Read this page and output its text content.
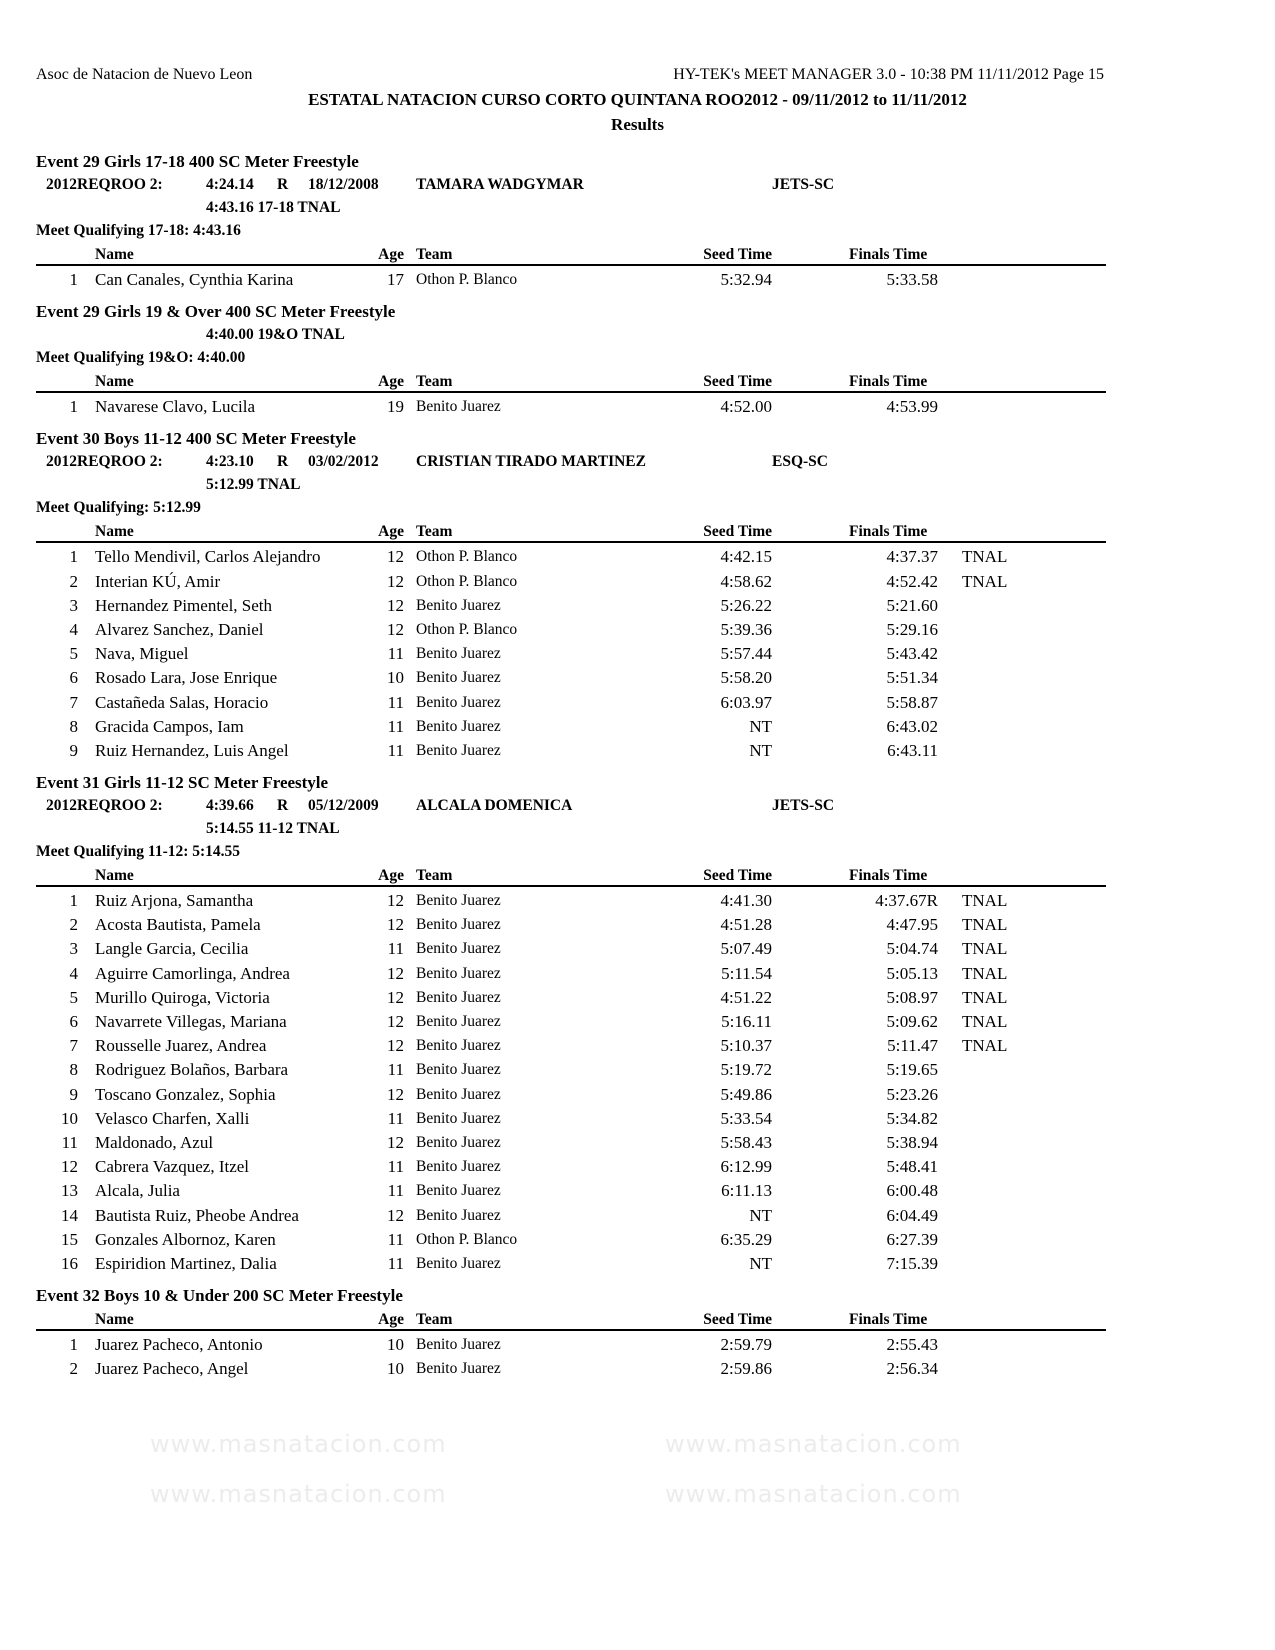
Asoc de Natacion de Nuevo Leon	HY-TEK's MEET MANAGER 3.0 - 10:38 PM 11/11/2012 Page 15
ESTATAL NATACION CURSO CORTO QUINTANA ROO2012 - 09/11/2012 to 11/11/2012
Results
www.masnatacion.com	www.masnatacion.com
www.masnatacion.com	www.masnatacion.com
Event 29 Girls 17-18 400 SC Meter Freestyle
2012REQROO 2:	4:24.14 R 18/12/2008 TAMARA WADGYMAR	JETS-SC
4:43.16 17-18 TNAL
Meet Qualifying 17-18: 4:43.16
Name	Age Team	Seed Time	Finals Time
1 Can Canales, Cynthia Karina	17 Othon P. Blanco	5:32.94	5:33.58
Event 29 Girls 19 & Over 400 SC Meter Freestyle
4:40.00 19&O TNAL
Meet Qualifying 19&O: 4:40.00
Name	Age Team	Seed Time	Finals Time
1 Navarese Clavo, Lucila	19 Benito Juarez	4:52.00	4:53.99
Event 30 Boys 11-12 400 SC Meter Freestyle
2012REQROO 2:	4:23.10 R 03/02/2012 CRISTIAN TIRADO MARTINEZ	ESQ-SC
5:12.99 TNAL
Meet Qualifying: 5:12.99
Name	Age Team	Seed Time	Finals Time
1 Tello Mendivil, Carlos Alejandro	12 Othon P. Blanco	4:42.15	4:37.37 TNAL
2 Interian KÚ, Amir	12 Othon P. Blanco	4:58.62	4:52.42 TNAL
3 Hernandez Pimentel, Seth	12 Benito Juarez	5:26.22	5:21.60
4 Alvarez Sanchez, Daniel	12 Othon P. Blanco	5:39.36	5:29.16
5 Nava, Miguel	11 Benito Juarez	5:57.44	5:43.42
6 Rosado Lara, Jose Enrique	10 Benito Juarez	5:58.20	5:51.34
7 Castañeda Salas, Horacio	11 Benito Juarez	6:03.97	5:58.87
8 Gracida Campos, Iam	11 Benito Juarez	NT	6:43.02
9 Ruiz Hernandez, Luis Angel	11 Benito Juarez	NT	6:43.11
Event 31 Girls 11-12 SC Meter Freestyle
2012REQROO 2:	4:39.66 R 05/12/2009 ALCALA DOMENICA	JETS-SC
5:14.55 11-12 TNAL
Meet Qualifying 11-12: 5:14.55
Name	Age Team	Seed Time	Finals Time
1 Ruiz Arjona, Samantha	12 Benito Juarez	4:41.30	4:37.67R TNAL
2 Acosta Bautista, Pamela	12 Benito Juarez	4:51.28	4:47.95 TNAL
3 Langle Garcia, Cecilia	11 Benito Juarez	5:07.49	5:04.74 TNAL
4 Aguirre Camorlinga, Andrea	12 Benito Juarez	5:11.54	5:05.13 TNAL
5 Murillo Quiroga, Victoria	12 Benito Juarez	4:51.22	5:08.97 TNAL
6 Navarrete Villegas, Mariana	12 Benito Juarez	5:16.11	5:09.62 TNAL
7 Rousselle Juarez, Andrea	12 Benito Juarez	5:10.37	5:11.47 TNAL
8 Rodriguez Bolaños, Barbara	11 Benito Juarez	5:19.72	5:19.65
9 Toscano Gonzalez, Sophia	12 Benito Juarez	5:49.86	5:23.26
10 Velasco Charfen, Xalli	11 Benito Juarez	5:33.54	5:34.82
11 Maldonado, Azul	12 Benito Juarez	5:58.43	5:38.94
12 Cabrera Vazquez, Itzel	11 Benito Juarez	6:12.99	5:48.41
13 Alcala, Julia	11 Benito Juarez	6:11.13	6:00.48
14 Bautista Ruiz, Pheobe Andrea	12 Benito Juarez	NT	6:04.49
15 Gonzales Albornoz, Karen	11 Othon P. Blanco	6:35.29	6:27.39
16 Espiridion Martinez, Dalia	11 Benito Juarez	NT	7:15.39
Event 32 Boys 10 & Under 200 SC Meter Freestyle
Name	Age Team	Seed Time	Finals Time
1 Juarez Pacheco, Antonio	10 Benito Juarez	2:59.79	2:55.43
2 Juarez Pacheco, Angel	10 Benito Juarez	2:59.86	2:56.34
